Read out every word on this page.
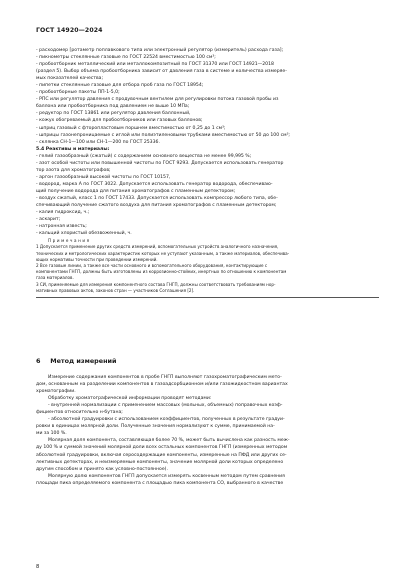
ГОСТ 14920—2024

- расходомер [ротаметр поплавкового типа или электронный регулятор (измеритель) расхода газа];

- пикнометры стеклянные газовые по ГОСТ 22524 вместимостью 100 см³;

- пробоотборник металлический или металлокомпозитный по ГОСТ 31370 или ГОСТ 14921—2018

(раздел 5). Выбор объема пробоотборника зависит от давления газа в системе и количества измеряе-

мых показателей качества;

- пипетки стеклянные газовые для отбора проб газа по ГОСТ 18954;

- пробоотборные пакеты ПП-1-5,0;

- РПС или регулятор давления с продувочным вентилем для регулировки потока газовой пробы из

баллона или пробоотборника под давлением не выше 10 МПа;

- редуктор по ГОСТ 13861 или регулятор давления баллонный,

- кожух обогреваемый для пробоотборников или газовых баллонов;

- шприц газовый с фторопластовым поршнем вместимостью от 0,25 до 1 см³;

- шприцы газонепроницаемые с иглой или полиэтиленовыми трубками вместимостью от 50 до 100 см³;

- склянка СН-1—100 или СН-1—200 по ГОСТ 25336.

5.4 Реактивы и материалы:

- гелий газообразный (сжатый) с содержанием основного вещества не менее 99,995 %;

- азот особой чистоты или повышенной чистоты по ГОСТ 9293. Допускается использовать генератор

тор азота для хроматографов;

- аргон газообразный высокой чистоты по ГОСТ 10157,

- водород, марка А по ГОСТ 3022. Допускается использовать генератор водорода, обеспечиваю-

щий получение водорода для питания хроматографов с пламенным детектором;

- воздух сжатый, класс 1 по ГОСТ 17433. Допускается использовать компрессор любого типа, обе-

спечивающий получение сжатого воздуха для питания хроматографов с пламенным детектором;

- калия гидроксид, ч.;

- аскарит;

- натронная известь;

- кальций хлористый обезвоженный, ч.

Примечания

1 Допускается применение других средств измерений, вспомогательных устройств аналогичного назначения,

технических и метрологических характеристик которых не уступают указанным, а также материалов, обеспечива-

ющих нормативы точности при проведении измерений.

2 Все газовые линии, а также все части основного и вспомогательного оборудования, контактирующие с

компонентами ГНГП, должны быть изготовлены из коррозионно-стойких, инертных по отношению к компонентам

газа материалов.

3 СИ, применяемые для измерения компонентного состава ГНГП, должны соответствовать требованиям нор-

мативных правовых актов, законов стран — участников Соглашения [2].

6 Метод измерений

Измерение содержания компонентов в пробе ГНГП выполняют газохроматографическим мето-

дом, основанным на разделении компонентов в газоадсорбционном и/или газожидкостном вариантах

хроматографии.

Обработку хроматографической информации проводят методами:

- внутренней нормализации с применением массовых (мольных, объемных) поправочных коэф-

фициентов относительно н-бутана;

- абсолютной градуировки с использованием коэффициентов, полученных в результате градуи-

ровки в единицах молярной доли. Полученные значения нормализуют к сумме, принимаемой на-

ми за 100 %.

Молярная доля компонента, составляющая более 70 %, может быть вычислена как разность меж-

ду 100 % и суммой значений молярной доли всех остальных компонентов ГНГП (измеренных методом

абсолютной градуировки, включая серосодержащие компоненты, измеренные на ПФД или других се-

лективных детекторах, и неизмеряемые компоненты, значение молярной доли которых определено

другим способом и принято как условно-постоянное).

Молярную долю компонентов ГНГП допускается измерять косвенным методом путем сравнения

площади пика определяемого компонента с площадью пика компонента СО, выбранного в качестве

8
